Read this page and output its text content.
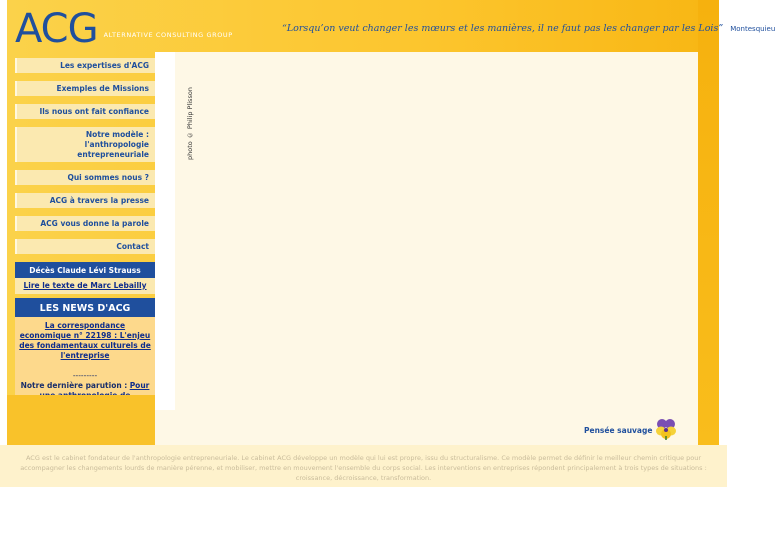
ACG ALTERNATIVE CONSULTING GROUP
“Lorsqu’on veut changer les mœurs et les manières, il ne faut pas les changer par les Lois” Montesquieu
photo © Philip Plisson
Les expertises d'ACG
Exemples de Missions
Ils nous ont fait confiance
Notre modèle : l'anthropologie entrepreneuriale
Qui sommes nous ?
ACG à travers la presse
ACG vous donne la parole
Contact
Décès Claude Lévi Strauss
Lire le texte de Marc Lebailly
LES NEWS D'ACG
La correspondance economique n° 22198 : L'enjeu des fondamentaux culturels de l'entreprise
---------
Notre dernière parution : Pour
Pensée sauvage
ACG est le cabinet fondateur de l'anthropologie entrepreneuriale. Le cabinet ACG développe un modèle qui lui est propre, issu du structuralisme. Ce modèle permet de définir le meilleur chemin critique pour accompagner les changements lourds de manière pérenne, et mobiliser, mettre en mouvement l'ensemble du corps social. Les interventions en entreprises répondent principalement à trois types de situations : croissance, décroissance, transformation.
